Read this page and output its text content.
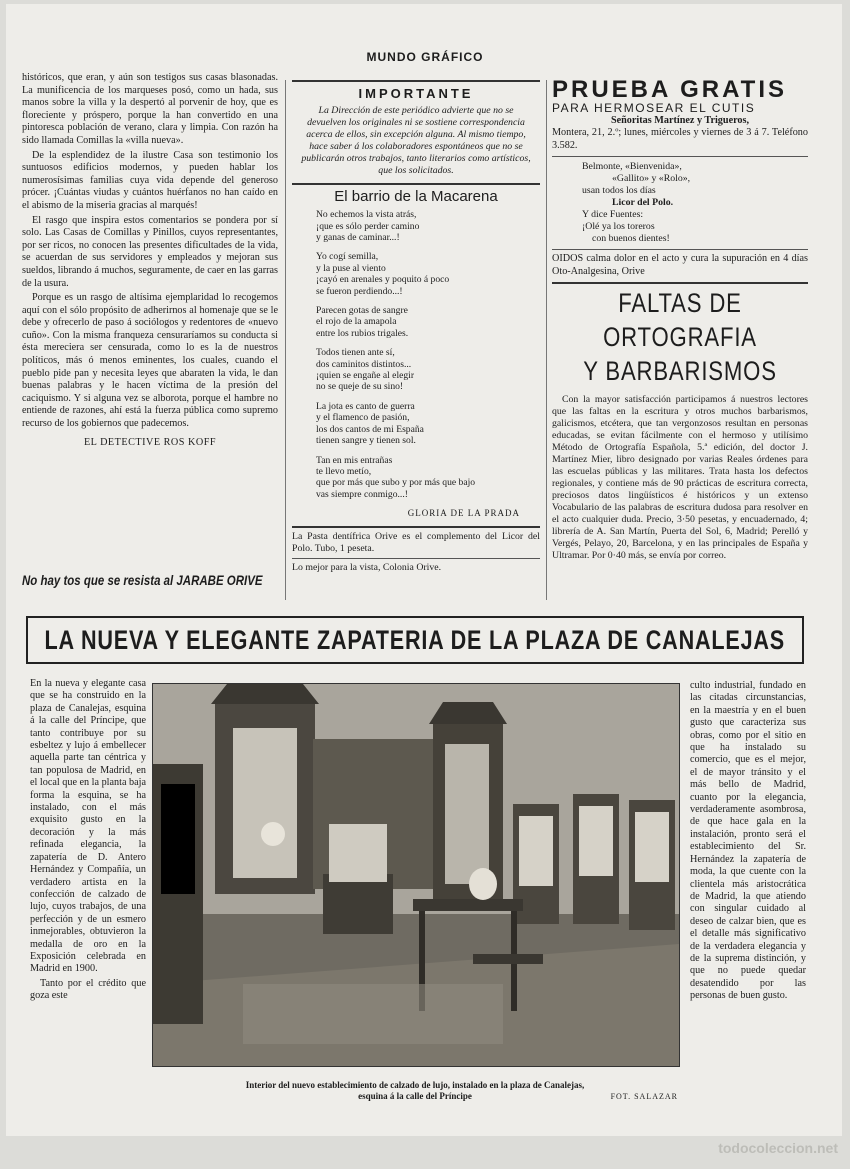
MUNDO GRÁFICO

históricos, que eran, y aún son testigos sus casas blasonadas. La munificencia de los marqueses posó, como un hada, sus manos sobre la villa y la despertó al porvenir de hoy, que es floreciente y próspero, porque la han convertido en una pintoresca población de verano, clara y limpia. Con razón ha sido llamada Comillas la «villa nueva».

De la esplendidez de la ilustre Casa son testimonio los suntuosos edificios modernos, y pueden hablar los numerosísimas familias cuya vida depende del generoso prócer. ¡Cuántas viudas y cuántos huérfanos no han caído en el abismo de la miseria gracias al marqués!

El rasgo que inspira estos comentarios se pondera por sí solo. Las Casas de Comillas y Pinillos, cuyos representantes, por ser ricos, no conocen las presentes dificultades de la vida, se acuerdan de sus servidores y empleados y mejoran sus sueldos, librando á muchos, seguramente, de caer en las garras de la usura.

Porque es un rasgo de altísima ejemplaridad lo recogemos aquí con el sólo propósito de adherirnos al homenaje que se le debe y ofrecerlo de paso á sociólogos y redentores de «nuevo cuño». Con la misma franqueza censuraríamos su conducta si ésta mereciera ser censurada, como lo es la de nuestros políticos, más ó menos eminentes, los cuales, cuando el pueblo pide pan y necesita leyes que abaraten la vida, le dan buenas palabras y le hacen víctima de la presión del caciquismo. Y si alguna vez se alborota, porque el hambre no entiende de razones, ahí está la fuerza pública como supremo recurso de los gobiernos que padecemos.

EL DETECTIVE ROS KOFF
No hay tos que se resista al JARABE ORIVE
IMPORTANTE
La Dirección de este periódico advierte que no se devuelven los originales ni se sostiene correspondencia acerca de ellos, sin excepción alguna. Al mismo tiempo, hace saber á los colaboradores espontáneos que no se publicarán otros trabajos, tanto literarios como artísticos, que los solicitados.
El barrio de la Macarena
No echemos la vista atrás,
¡que es sólo perder camino
y ganas de caminar...!
Yo cogí semilla,
y la puse al viento
¡cayó en arenales y poquito á poco
se fueron perdiendo...!
Parecen gotas de sangre
el rojo de la amapola
entre los rubios trigales.
Todos tienen ante sí,
dos caminitos distintos...
¡quien se engañe al elegir
no se queje de su sino!
La jota es canto de guerra
y el flamenco de pasión,
los dos cantos de mi España
tienen sangre y tienen sol.
Tan en mis entrañas
te llevo metío,
que por más que subo y por más que bajo
vas siempre conmigo...!
GLORIA DE LA PRADA
La Pasta dentífrica Orive es el complemento del Licor del Polo. Tubo, 1 peseta.
Lo mejor para la vista, Colonia Orive.
PRUEBA GRATIS
PARA HERMOSEAR EL CUTIS
Señoritas Martínez y Trigueros,
Montera, 21, 2.º; lunes, miércoles y viernes de 3 á 7. Teléfono 3.582.
Belmonte, «Bienvenida»,
«Gallito» y «Rolo»,
usan todos los días
Licor del Polo.
Y dice Fuentes:
¡Olé ya los toreros
con buenos dientes!
OIDOS calma dolor en el acto y cura la supuración en 4 días Oto-Analgesina, Orive
FALTAS DE ORTOGRAFIA
Y BARBARISMOS

Con la mayor satisfacción participamos á nuestros lectores que las faltas en la escritura y otros muchos barbarismos, galicismos, etcétera, que tan vergonzosos resultan en personas educadas, se evitan fácilmente con el hermoso y utilísimo Método de Ortografía Española, 5.ª edición, del doctor J. Martínez Mier, libro designado por varias Reales órdenes para las escuelas públicas y las militares. Trata hasta los defectos regionales, y contiene más de 90 prácticas de escritura correcta, preciosos datos lingüísticos é históricos y un extenso Vocabulario de las palabras de escritura dudosa para resolver en el acto cualquier duda. Precio, 3·50 pesetas, y encuadernado, 4; librería de A. San Martín, Puerta del Sol, 6, Madrid; Perelló y Vergés, Pelayo, 20, Barcelona, y en las principales de España y Ultramar. Por 0·40 más, se envía por correo.

LA NUEVA Y ELEGANTE ZAPATERIA DE LA PLAZA DE CANALEJAS

En la nueva y elegante casa que se ha construido en la plaza de Canalejas, esquina á la calle del Príncipe, que tanto contribuye por su esbeltez y lujo á embellecer aquella parte tan céntrica y tan populosa de Madrid, en el local que en la planta baja forma la esquina, se ha instalado, con el más exquisito gusto en la decoración y la más refinada elegancia, la zapatería de D. Antero Hernández y Compañía, un verdadero artista en la confección de calzado de lujo, cuyos trabajos, de una perfección y de un esmero inmejorables, obtuvieron la medalla de oro en la Exposición celebrada en Madrid en 1900.

Tanto por el crédito que goza este

Interior del nuevo establecimiento de calzado de lujo, instalado en la plaza de Canalejas,
esquina á la calle del Príncipe	FOT. SALAZAR

culto industrial, fundado en las citadas circunstancias, en la maestría y en el buen gusto que caracteriza sus obras, como por el sitio en que ha instalado su comercio, que es el mejor, el de mayor tránsito y el más bello de Madrid, cuanto por la elegancia, verdaderamente asombrosa, de que hace gala en la instalación, pronto será el establecimiento del Sr. Hernández la zapatería de moda, la que cuente con la clientela más aristocrática de Madrid, la que atiendo con singular cuidado al deseo de calzar bien, que es el detalle más significativo de la verdadera elegancia y de la suprema distinción, y que no puede quedar desatendido por las personas de buen gusto.

todocoleccion.net
